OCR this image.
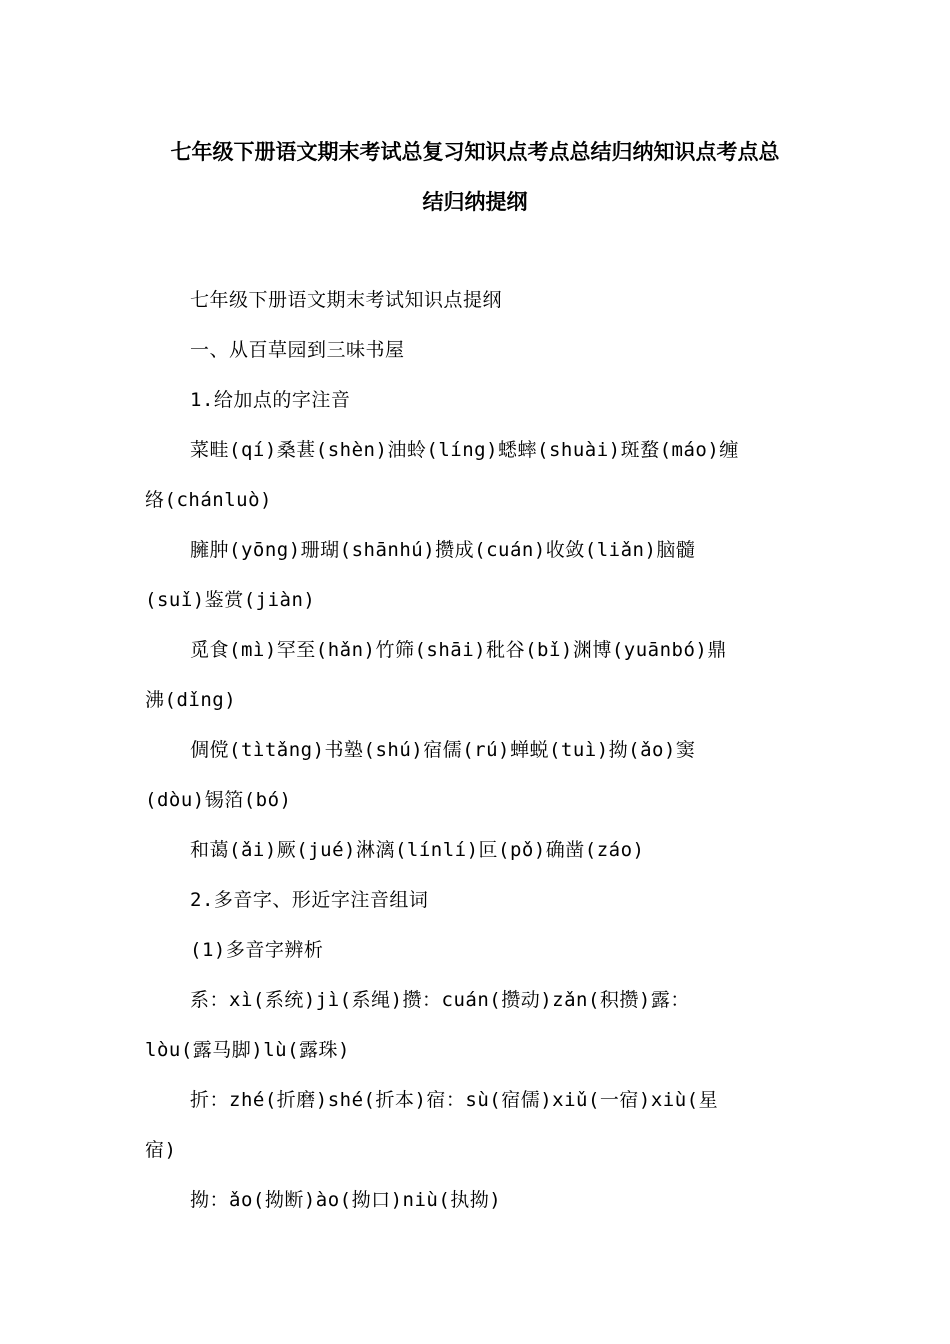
七年级下册语文期末考试总复习知识点考点总结归纳知识点考点总
结归纳提纲
七年级下册语文期末考试知识点提纲
一、从百草园到三味书屋
1.给加点的字注音
菜畦(qí)桑葚(shèn)油蛉(líng)蟋蟀(shuài)斑蝥(máo)缠
络(chánluò)
臃肿(yōng)珊瑚(shānhú)攒成(cuán)收敛(liǎn)脑髓
(suǐ)鉴赏(jiàn)
觅食(mì)罕至(hǎn)竹筛(shāi)秕谷(bǐ)渊博(yuānbó)鼎
沸(dǐng)
倜傥(tìtǎng)书塾(shú)宿儒(rú)蝉蜕(tuì)拗(ǎo)窦
(dòu)锡箔(bó)
和蔼(ǎi)厥(jué)淋漓(línlí)叵(pǒ)确凿(záo)
2.多音字、形近字注音组词
(1)多音字辨析
系：xì(系统)jì(系绳)攒：cuán(攒动)zǎn(积攒)露：
lòu(露马脚)lù(露珠)
折：zhé(折磨)shé(折本)宿：sù(宿儒)xiǔ(一宿)xiù(星
宿)
拗：ǎo(拗断)ào(拗口)niù(执拗)
